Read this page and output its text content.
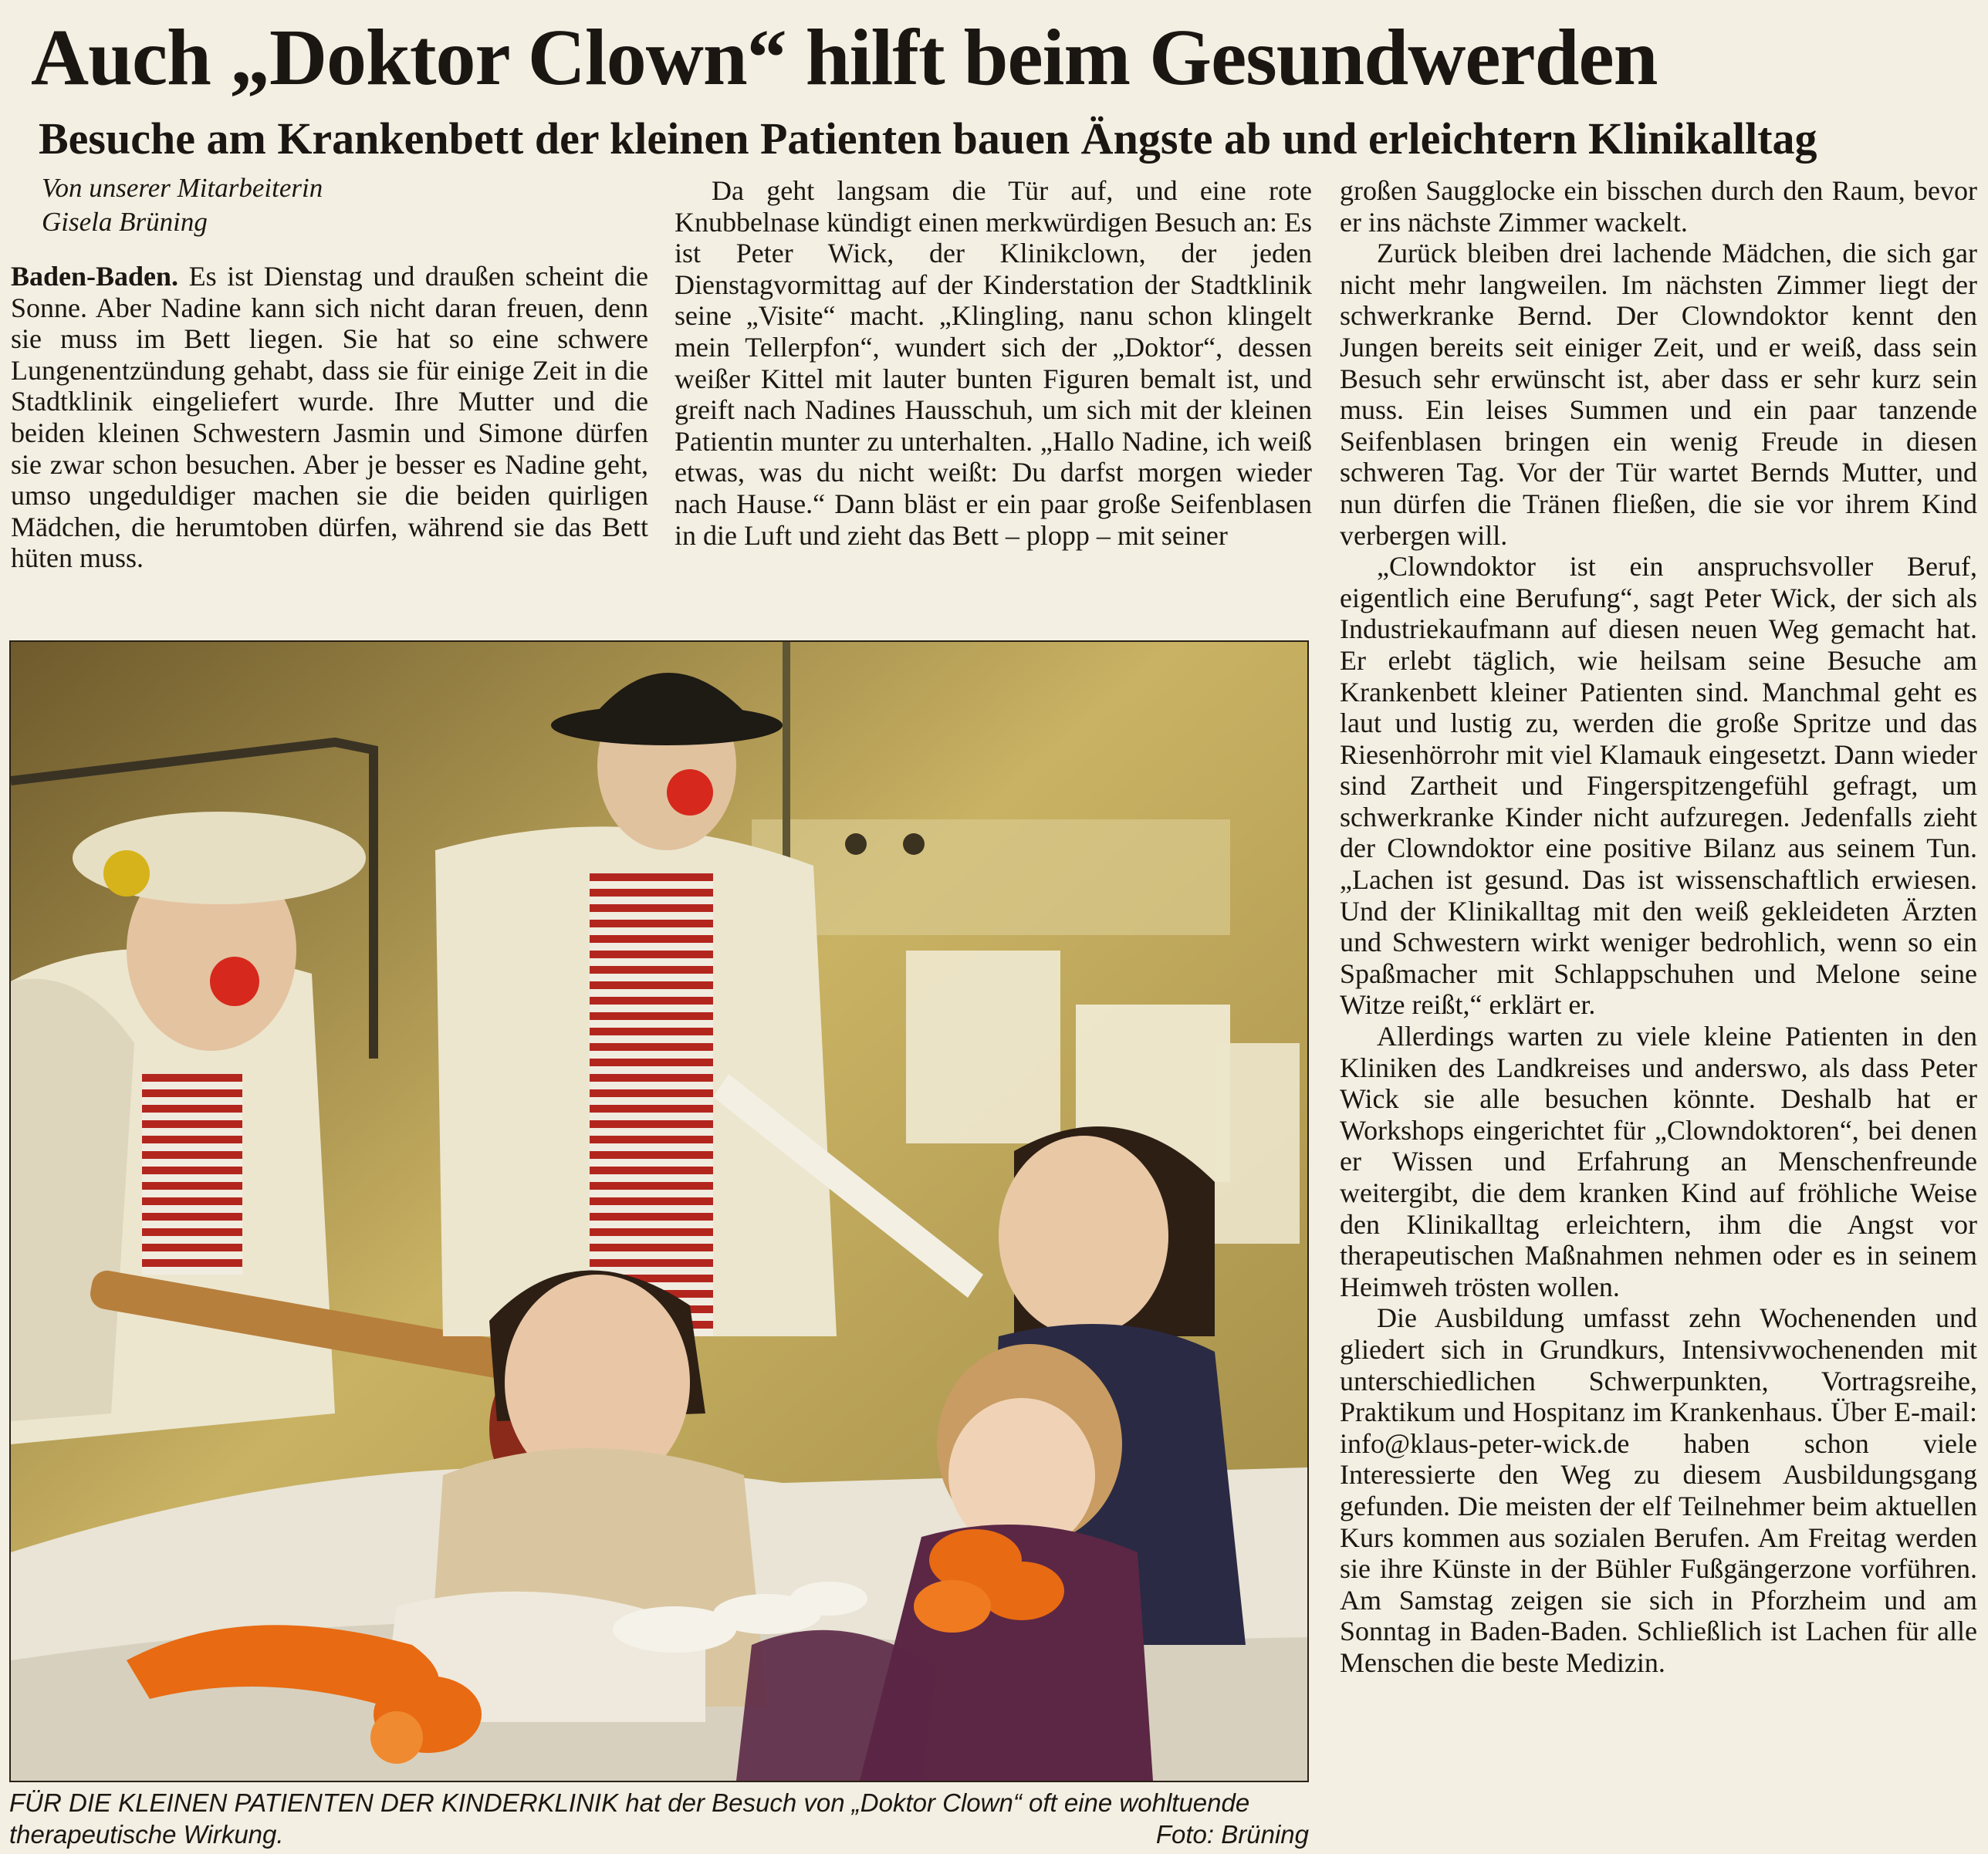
Auch „Doktor Clown“ hilft beim Gesundwerden
Besuche am Krankenbett der kleinen Patienten bauen Ängste ab und erleichtern Klinikalltag
Von unserer Mitarbeiterin
Gisela Brüning

Baden-Baden. Es ist Dienstag und draußen scheint die Sonne. Aber Nadine kann sich nicht daran freuen, denn sie muss im Bett liegen. Sie hat so eine schwere Lungenentzündung gehabt, dass sie für einige Zeit in die Stadtklinik eingeliefert wurde. Ihre Mutter und die beiden kleinen Schwestern Jasmin und Simone dürfen sie zwar schon besuchen. Aber je besser es Nadine geht, umso ungeduldiger machen sie die beiden quirligen Mädchen, die herumtoben dürfen, während sie das Bett hüten muss.

Da geht langsam die Tür auf, und eine rote Knubbelnase kündigt einen merkwürdigen Besuch an: Es ist Peter Wick, der Klinikclown, der jeden Dienstagvormittag auf der Kinderstation der Stadtklinik seine „Visite“ macht. „Klingling, nanu schon klingelt mein Tellerpfon“, wundert sich der „Doktor“, dessen weißer Kittel mit lauter bunten Figuren bemalt ist, und greift nach Nadines Hausschuh, um sich mit der kleinen Patientin munter zu unterhalten. „Hallo Nadine, ich weiß etwas, was du nicht weißt: Du darfst morgen wieder nach Hause.“ Dann bläst er ein paar große Seifenblasen in die Luft und zieht das Bett – plopp – mit seiner

großen Saugglocke ein bisschen durch den Raum, bevor er ins nächste Zimmer wackelt.

Zurück bleiben drei lachende Mädchen, die sich gar nicht mehr langweilen. Im nächsten Zimmer liegt der schwerkranke Bernd. Der Clowndoktor kennt den Jungen bereits seit einiger Zeit, und er weiß, dass sein Besuch sehr erwünscht ist, aber dass er sehr kurz sein muss. Ein leises Summen und ein paar tanzende Seifenblasen bringen ein wenig Freude in diesen schweren Tag. Vor der Tür wartet Bernds Mutter, und nun dürfen die Tränen fließen, die sie vor ihrem Kind verbergen will.

„Clowndoktor ist ein anspruchsvoller Beruf, eigentlich eine Berufung“, sagt Peter Wick, der sich als Industriekaufmann auf diesen neuen Weg gemacht hat. Er erlebt täglich, wie heilsam seine Besuche am Krankenbett kleiner Patienten sind. Manchmal geht es laut und lustig zu, werden die große Spritze und das Riesenhörrohr mit viel Klamauk eingesetzt. Dann wieder sind Zartheit und Fingerspitzengefühl gefragt, um schwerkranke Kinder nicht aufzuregen. Jedenfalls zieht der Clowndoktor eine positive Bilanz aus seinem Tun. „Lachen ist gesund. Das ist wissenschaftlich erwiesen. Und der Klinikalltag mit den weiß gekleideten Ärzten und Schwestern wirkt weniger bedrohlich, wenn so ein Spaßmacher mit Schlappschuhen und Melone seine Witze reißt,“ erklärt er.

Allerdings warten zu viele kleine Patienten in den Kliniken des Landkreises und anderswo, als dass Peter Wick sie alle besuchen könnte. Deshalb hat er Workshops eingerichtet für „Clowndoktoren“, bei denen er Wissen und Erfahrung an Menschenfreunde weitergibt, die dem kranken Kind auf fröhliche Weise den Klinikalltag erleichtern, ihm die Angst vor therapeutischen Maßnahmen nehmen oder es in seinem Heimweh trösten wollen.

Die Ausbildung umfasst zehn Wochenenden und gliedert sich in Grundkurs, Intensivwochenenden mit unterschiedlichen Schwerpunkten, Vortragsreihe, Praktikum und Hospitanz im Krankenhaus. Über E-mail: info@klaus-peter-wick.de haben schon viele Interessierte den Weg zu diesem Ausbildungsgang gefunden. Die meisten der elf Teilnehmer beim aktuellen Kurs kommen aus sozialen Berufen. Am Freitag werden sie ihre Künste in der Bühler Fußgängerzone vorführen. Am Samstag zeigen sie sich in Pforzheim und am Sonntag in Baden-Baden. Schließlich ist Lachen für alle Menschen die beste Medizin.

FÜR DIE KLEINEN PATIENTEN DER KINDERKLINIK hat der Besuch von „Doktor Clown“ oft eine wohltuende therapeutische Wirkung.	Foto: Brüning
